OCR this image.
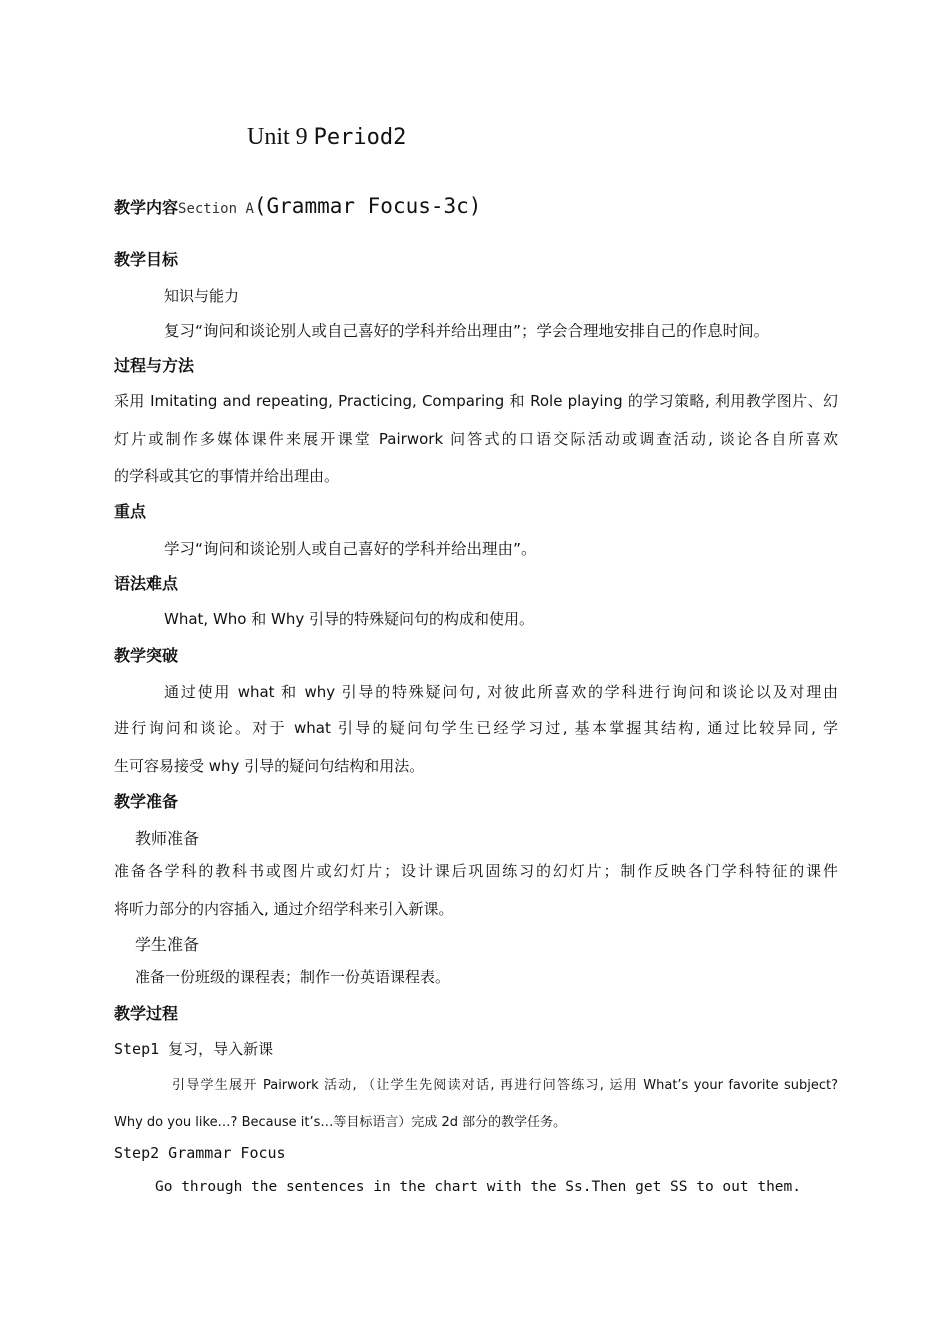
Unit 9 Period2
教学内容Section A(Grammar Focus-3c)
教学目标
知识与能力
复习“询问和谈论别人或自己喜好的学科并给出理由”；学会合理地安排自己的作息时间。
过程与方法
采用 Imitating and repeating, Practicing, Comparing 和 Role playing 的学习策略, 利用教学图片、幻
灯片或制作多媒体课件来展开课堂 Pairwork 问答式的口语交际活动或调查活动, 谈论各自所喜欢
的学科或其它的事情并给出理由。
重点
学习“询问和谈论别人或自己喜好的学科并给出理由”。
语法难点
What, Who 和 Why 引导的特殊疑问句的构成和使用。
教学突破
通过使用 what 和 why 引导的特殊疑问句, 对彼此所喜欢的学科进行询问和谈论以及对理由
进行询问和谈论。对于 what 引导的疑问句学生已经学习过, 基本掌握其结构, 通过比较异同, 学
生可容易接受 why 引导的疑问句结构和用法。
教学准备
教师准备
准备各学科的教科书或图片或幻灯片；设计课后巩固练习的幻灯片；制作反映各门学科特征的课件
将听力部分的内容插入, 通过介绍学科来引入新课。
学生准备
准备一份班级的课程表；制作一份英语课程表。
教学过程
Step1 复习，导入新课
引导学生展开 Pairwork 活动, （让学生先阅读对话, 再进行问答练习, 运用 What’s your favorite subject?
Why do you like…? Because it’s…等目标语言）完成 2d 部分的教学任务。
Step2 Grammar Focus
Go through the sentences in the chart with the Ss.Then get SS to out them.
